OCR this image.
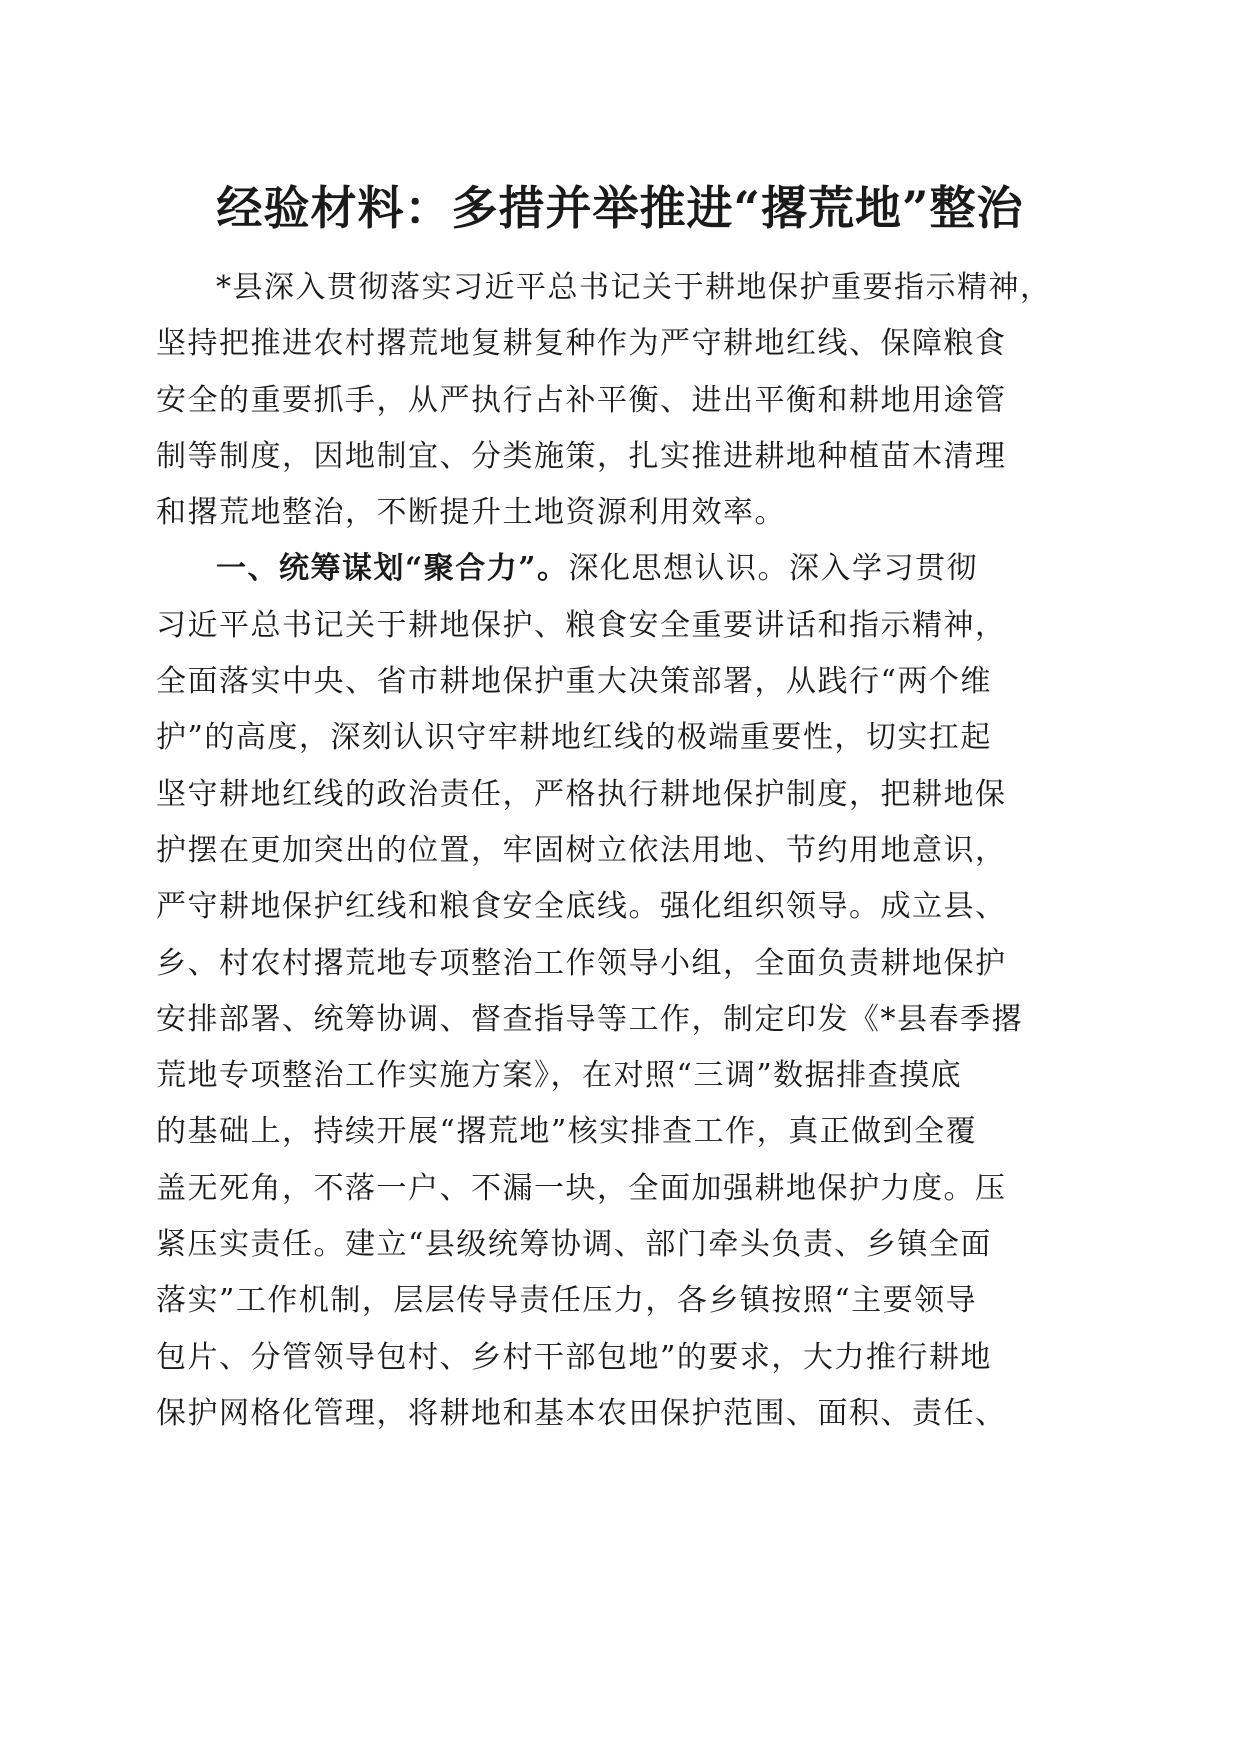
经验材料：多措并举推进“撂荒地”整治
*县深入贯彻落实习近平总书记关于耕地保护重要指示精神，
坚持把推进农村撂荒地复耕复种作为严守耕地红线、保障粮食
安全的重要抓手，从严执行占补平衡、进出平衡和耕地用途管
制等制度，因地制宜、分类施策，扎实推进耕地种植苗木清理
和撂荒地整治，不断提升土地资源利用效率。
一、统筹谋划“聚合力”。深化思想认识。深入学习贯彻
习近平总书记关于耕地保护、粮食安全重要讲话和指示精神，
全面落实中央、省市耕地保护重大决策部署，从践行“两个维
护”的高度，深刻认识守牢耕地红线的极端重要性，切实扛起
坚守耕地红线的政治责任，严格执行耕地保护制度，把耕地保
护摆在更加突出的位置，牢固树立依法用地、节约用地意识，
严守耕地保护红线和粮食安全底线。强化组织领导。成立县、
乡、村农村撂荒地专项整治工作领导小组，全面负责耕地保护
安排部署、统筹协调、督查指导等工作，制定印发《*县春季撂
荒地专项整治工作实施方案》，在对照“三调”数据排查摸底
的基础上，持续开展“撂荒地”核实排查工作，真正做到全覆
盖无死角，不落一户、不漏一块，全面加强耕地保护力度。压
紧压实责任。建立“县级统筹协调、部门牵头负责、乡镇全面
落实”工作机制，层层传导责任压力，各乡镇按照“主要领导
包片、分管领导包村、乡村干部包地”的要求，大力推行耕地
保护网格化管理，将耕地和基本农田保护范围、面积、责任、
